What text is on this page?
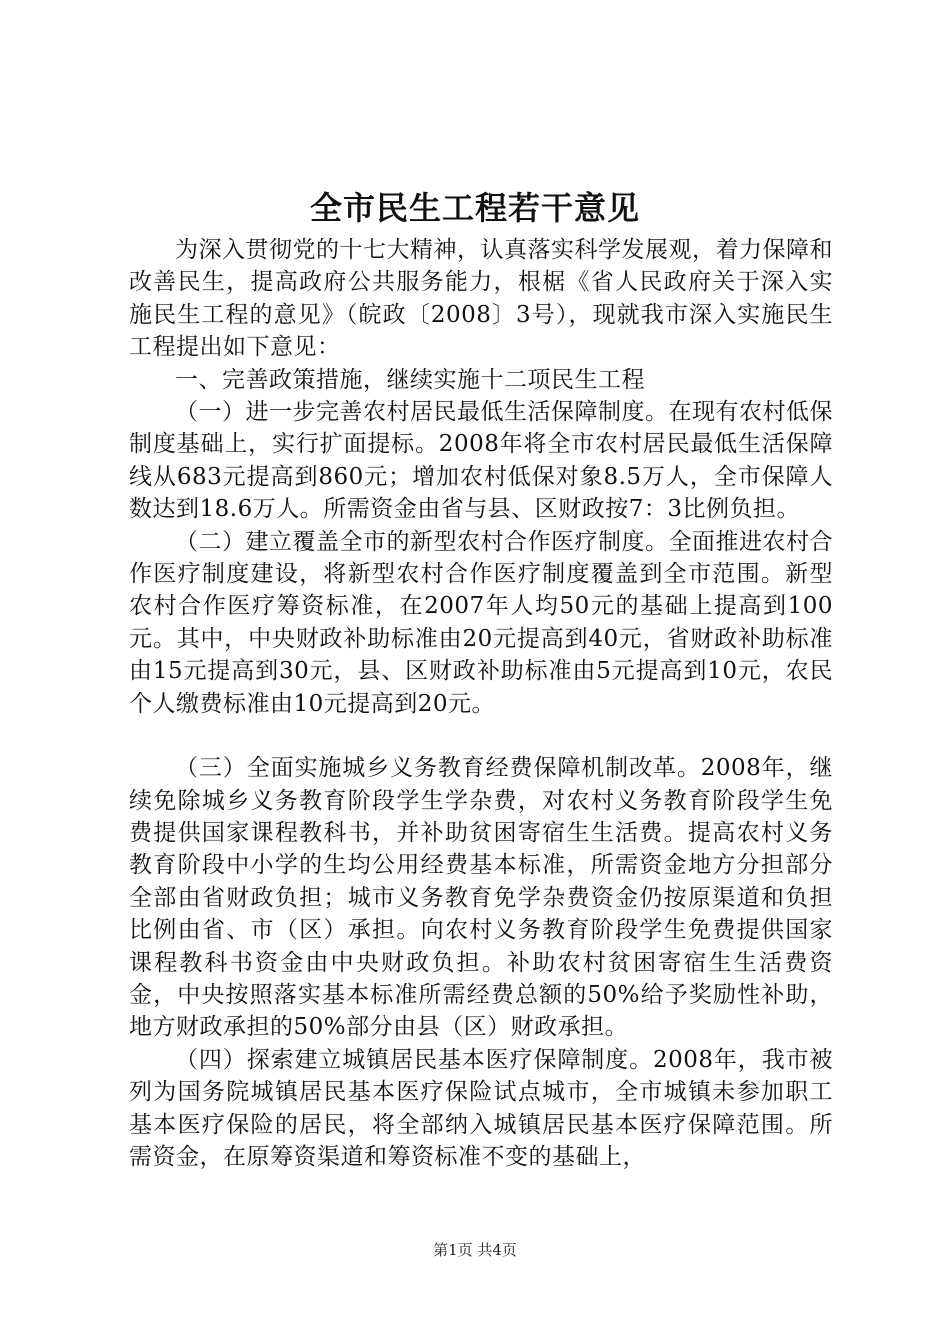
全市民生工程若干意见

为深入贯彻党的十七大精神，认真落实科学发展观，着力保障和改善民生，提高政府公共服务能力，根椐《省人民政府关于深入实施民生工程的意见》（皖政〔2008〕3号），现就我市深入实施民生工程提出如下意见：

一、完善政策措施，继续实施十二项民生工程

（一）进一步完善农村居民最低生活保障制度。在现有农村低保制度基础上，实行扩面提标。2008年将全市农村居民最低生活保障线从683元提高到860元；增加农村低保对象8.5万人，全市保障人数达到18.6万人。所需资金由省与县、区财政按7：3比例负担。

（二）建立覆盖全市的新型农村合作医疗制度。全面推进农村合作医疗制度建设，将新型农村合作医疗制度覆盖到全市范围。新型农村合作医疗筹资标准，在2007年人均50元的基础上提高到100元。其中，中央财政补助标准由20元提高到40元，省财政补助标准由15元提高到30元，县、区财政补助标准由5元提高到10元，农民个人缴费标准由10元提高到20元。

（三）全面实施城乡义务教育经费保障机制改革。2008年，继续免除城乡义务教育阶段学生学杂费，对农村义务教育阶段学生免费提供国家课程教科书，并补助贫困寄宿生生活费。提高农村义务教育阶段中小学的生均公用经费基本标准，所需资金地方分担部分全部由省财政负担；城市义务教育免学杂费资金仍按原渠道和负担比例由省、市（区）承担。向农村义务教育阶段学生免费提供国家课程教科书资金由中央财政负担。补助农村贫困寄宿生生活费资金，中央按照落实基本标准所需经费总额的50%给予奖励性补助，地方财政承担的50%部分由县（区）财政承担。

（四）探索建立城镇居民基本医疗保障制度。2008年，我市被列为国务院城镇居民基本医疗保险试点城市，全市城镇未参加职工基本医疗保险的居民，将全部纳入城镇居民基本医疗保障范围。所需资金，在原筹资渠道和筹资标准不变的基础上，

第1页 共4页
